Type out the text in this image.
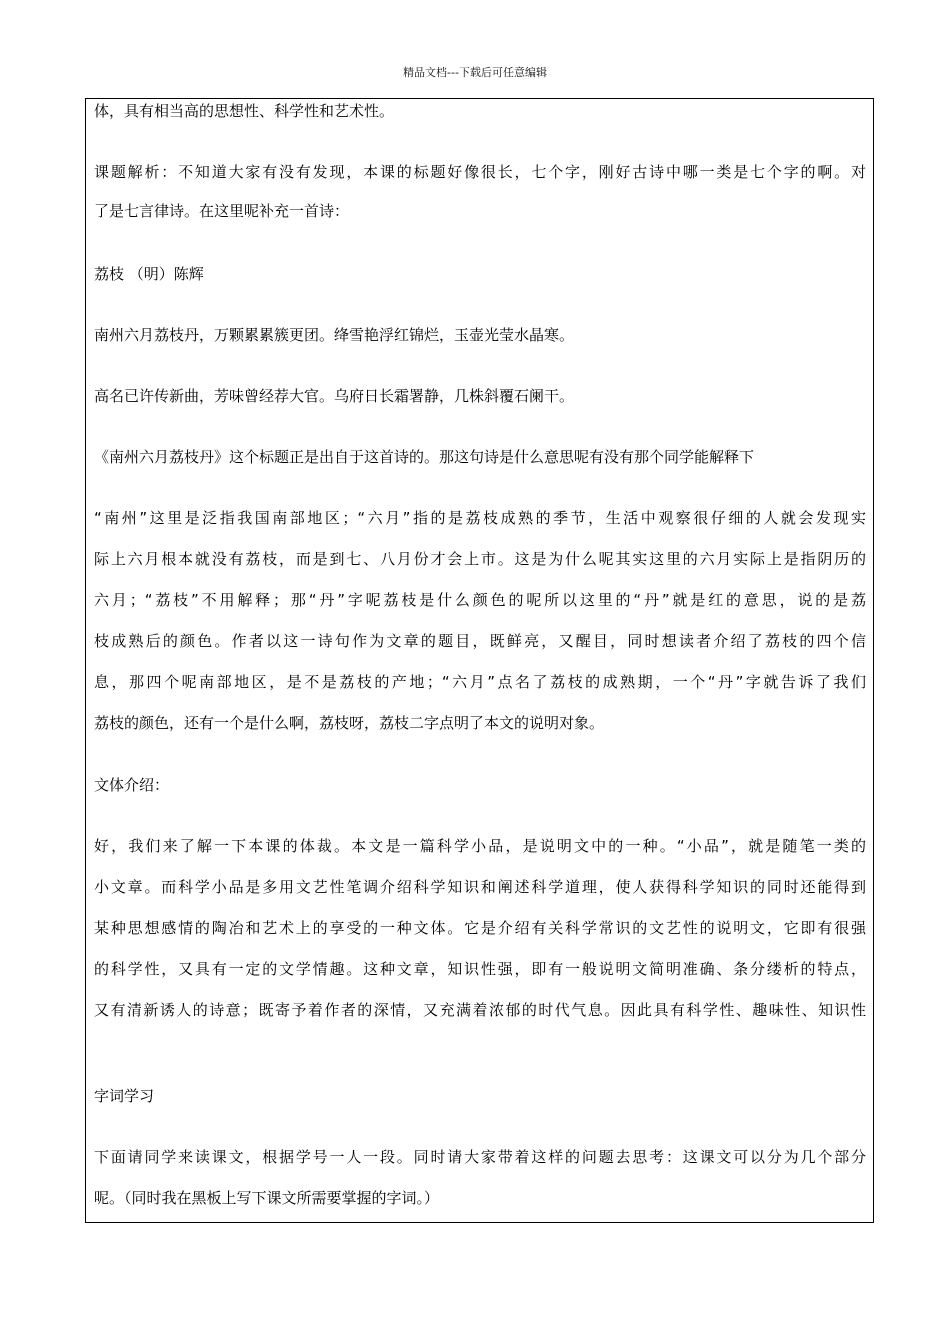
精品文档---下载后可任意编辑
体，具有相当高的思想性、科学性和艺术性。
课题解析：不知道大家有没有发现，本课的标题好像很长，七个字，刚好古诗中哪一类是七个字的啊。对
了是七言律诗。在这里呢补充一首诗：
荔枝 （明）陈辉
南州六月荔枝丹，万颗累累簇更团。绛雪艳浮红锦烂，玉壶光莹水晶寒。
高名已许传新曲，芳味曾经荐大官。乌府日长霜署静，几株斜覆石阑干。
《南州六月荔枝丹》这个标题正是出自于这首诗的。那这句诗是什么意思呢有没有那个同学能解释下
“南州”这里是泛指我国南部地区；“六月”指的是荔枝成熟的季节，生活中观察很仔细的人就会发现实
际上六月根本就没有荔枝，而是到七、八月份才会上市。这是为什么呢其实这里的六月实际上是指阴历的
六月；“荔枝”不用解释；那“丹”字呢荔枝是什么颜色的呢所以这里的“丹”就是红的意思，说的是荔
枝成熟后的颜色。作者以这一诗句作为文章的题目，既鲜亮，又醒目，同时想读者介绍了荔枝的四个信
息，那四个呢南部地区，是不是荔枝的产地；“六月”点名了荔枝的成熟期，一个“丹”字就告诉了我们
荔枝的颜色，还有一个是什么啊，荔枝呀，荔枝二字点明了本文的说明对象。
文体介绍：
好，我们来了解一下本课的体裁。本文是一篇科学小品，是说明文中的一种。“小品”，就是随笔一类的
小文章。而科学小品是多用文艺性笔调介绍科学知识和阐述科学道理，使人获得科学知识的同时还能得到
某种思想感情的陶冶和艺术上的享受的一种文体。它是介绍有关科学常识的文艺性的说明文，它即有很强
的科学性，又具有一定的文学情趣。这种文章，知识性强，即有一般说明文简明准确、条分缕析的特点，
又有清新诱人的诗意；既寄予着作者的深情，又充满着浓郁的时代气息。因此具有科学性、趣味性、知识性
字词学习
下面请同学来读课文，根据学号一人一段。同时请大家带着这样的问题去思考：这课文可以分为几个部分
呢。（同时我在黑板上写下课文所需要掌握的字词。）
